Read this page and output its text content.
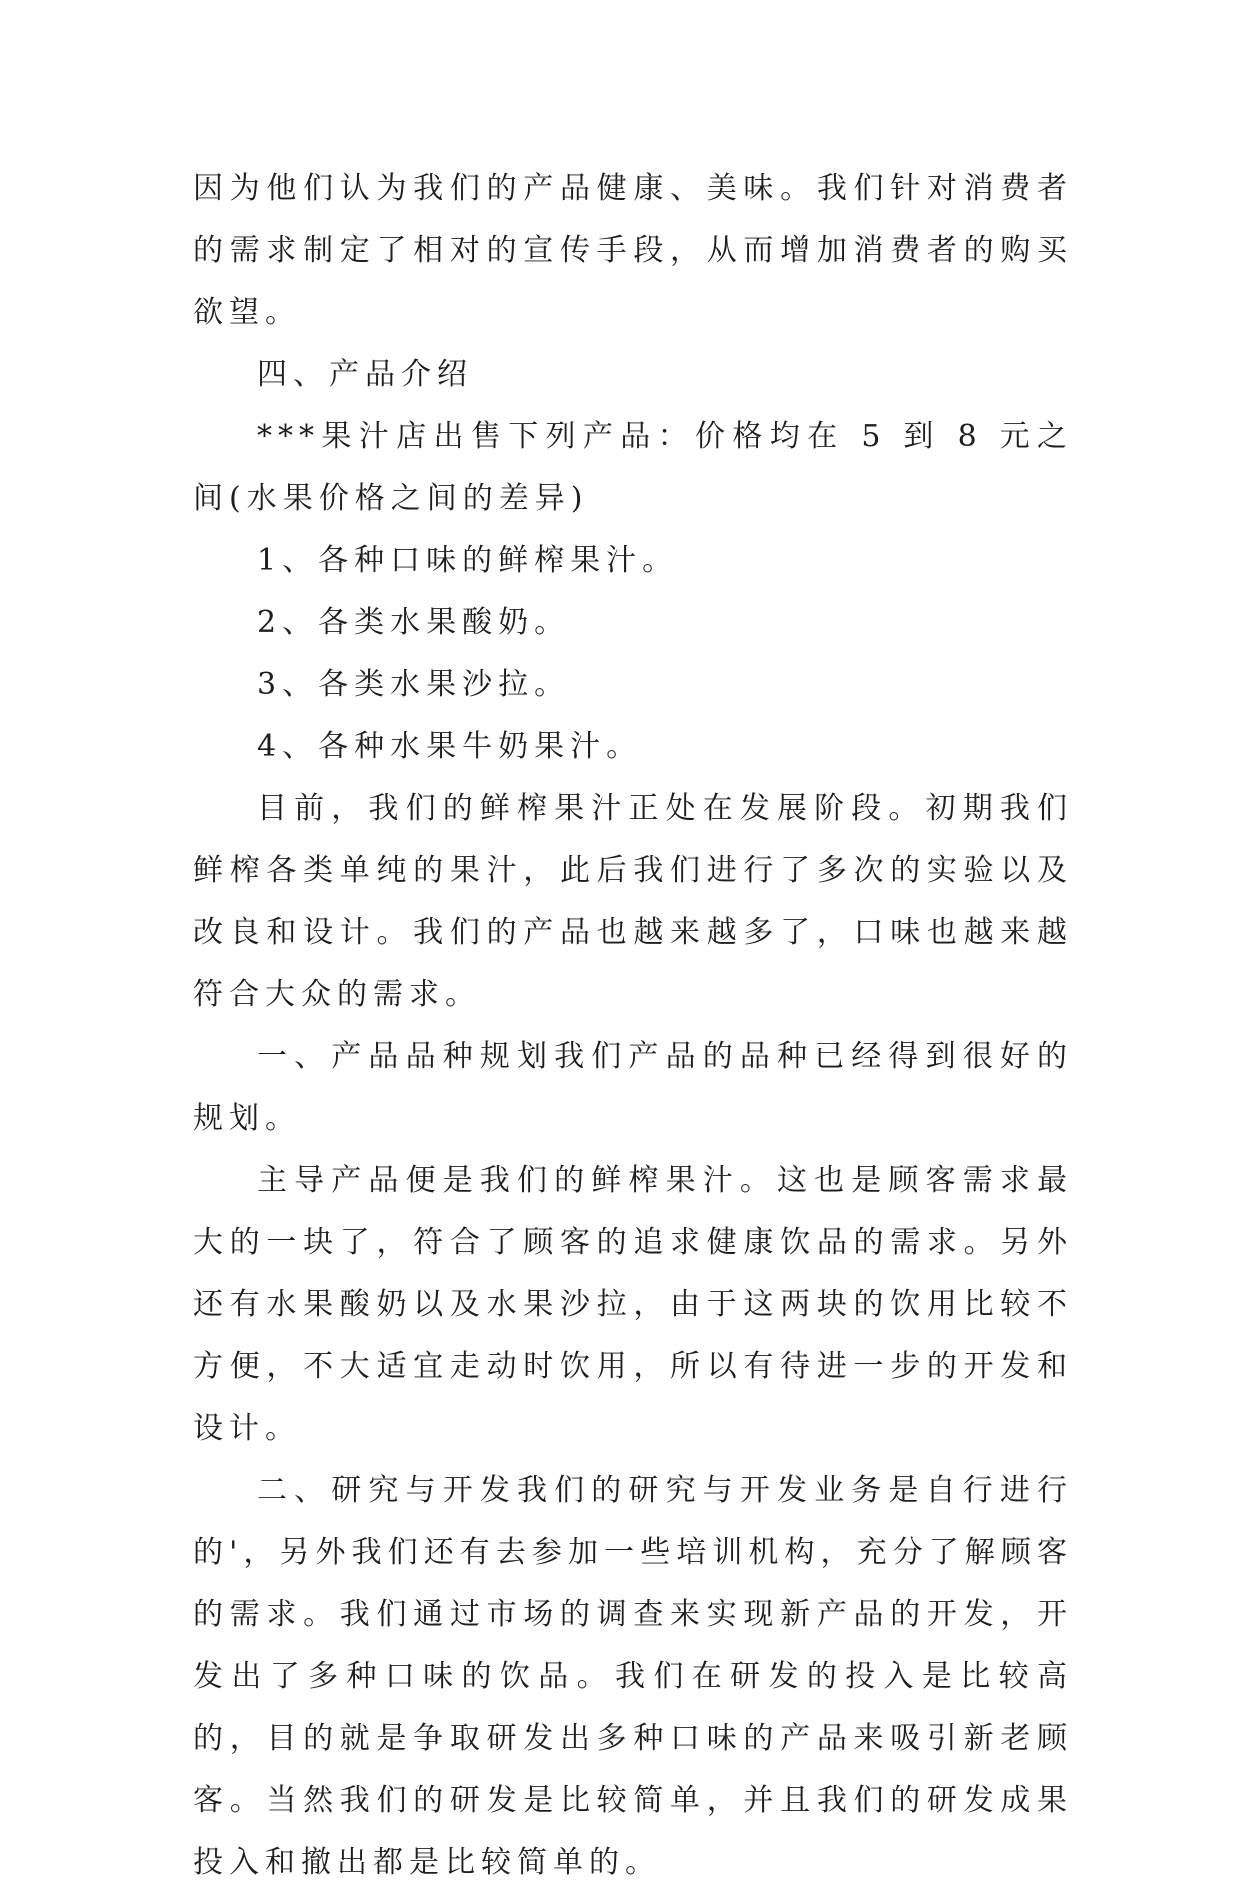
因为他们认为我们的产品健康、美味。我们针对消费者的需求制定了相对的宣传手段，从而增加消费者的购买欲望。

四、产品介绍

***果汁店出售下列产品：价格均在 5 到 8 元之间(水果价格之间的差异)

1、各种口味的鲜榨果汁。

2、各类水果酸奶。

3、各类水果沙拉。

4、各种水果牛奶果汁。

目前，我们的鲜榨果汁正处在发展阶段。初期我们鲜榨各类单纯的果汁，此后我们进行了多次的实验以及改良和设计。我们的产品也越来越多了，口味也越来越符合大众的需求。

一、产品品种规划我们产品的品种已经得到很好的规划。

主导产品便是我们的鲜榨果汁。这也是顾客需求最大的一块了，符合了顾客的追求健康饮品的需求。另外还有水果酸奶以及水果沙拉，由于这两块的饮用比较不方便，不大适宜走动时饮用，所以有待进一步的开发和设计。

二、研究与开发我们的研究与开发业务是自行进行的'，另外我们还有去参加一些培训机构，充分了解顾客的需求。我们通过市场的调查来实现新产品的开发，开发出了多种口味的饮品。我们在研发的投入是比较高的，目的就是争取研发出多种口味的产品来吸引新老顾客。当然我们的研发是比较简单，并且我们的研发成果投入和撤出都是比较简单的。
